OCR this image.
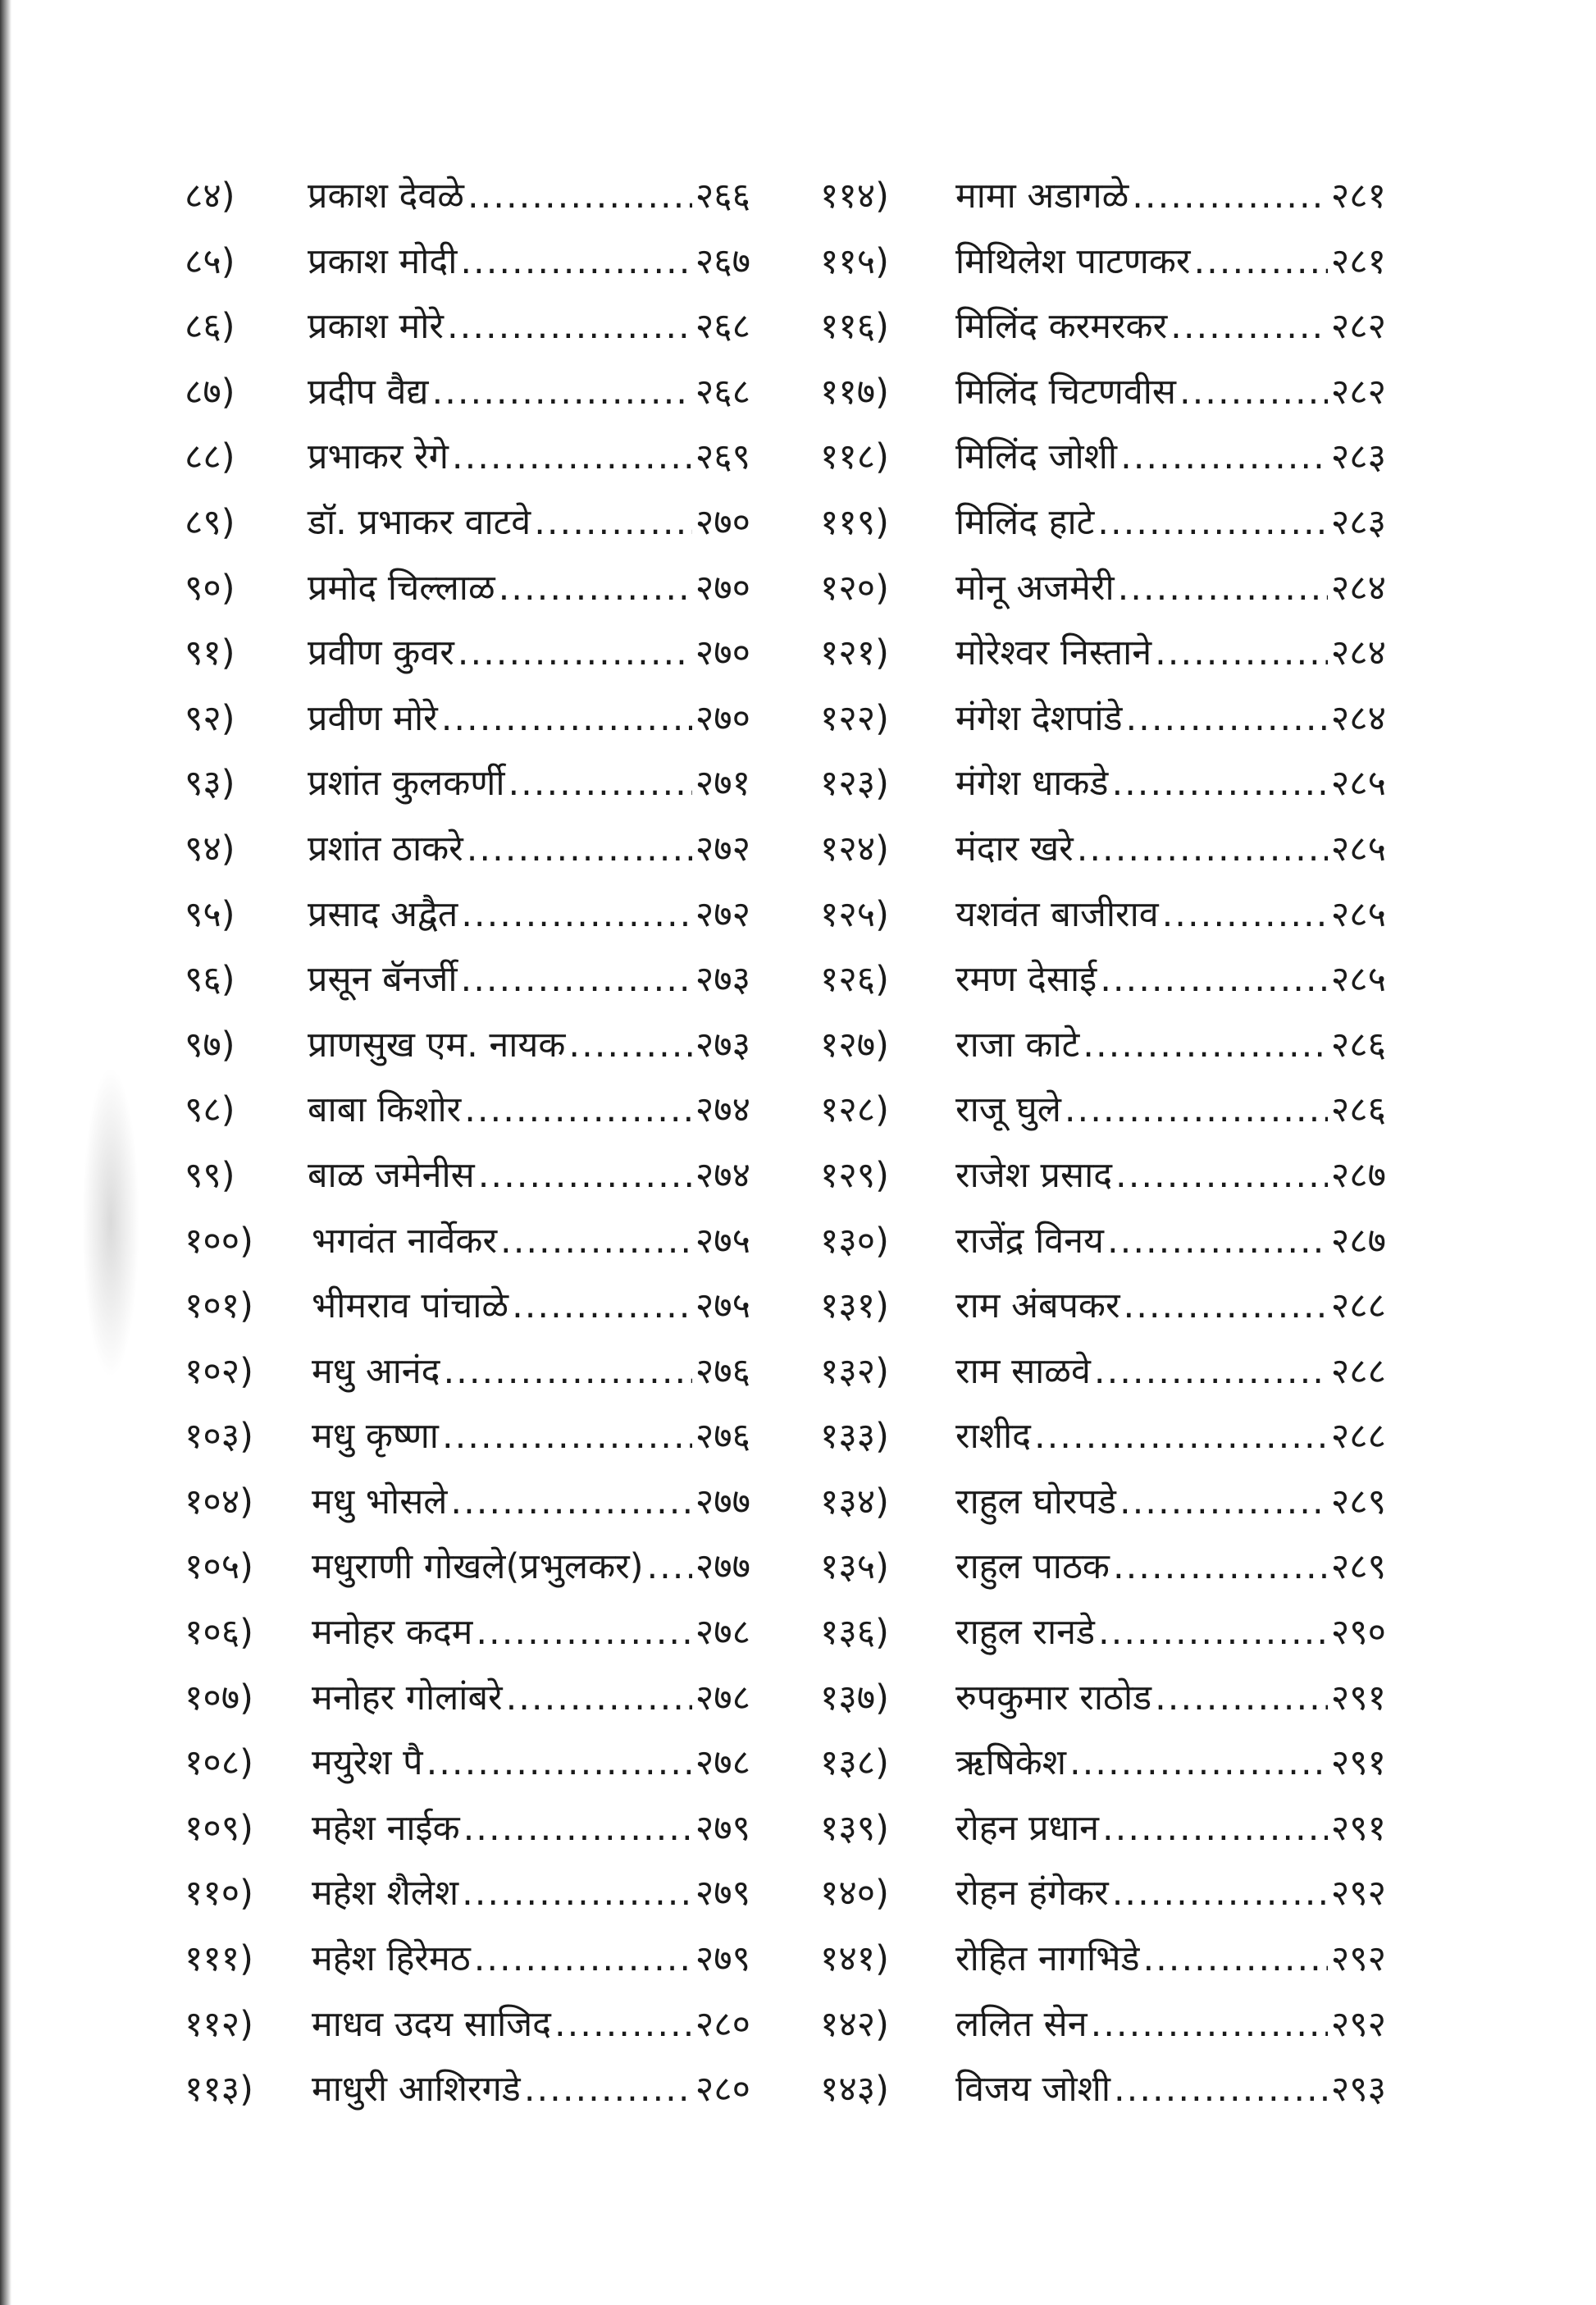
८४)	प्रकाश देवळे .....	२६६
८५)	प्रकाश मोदी .....	२६७
८६)	प्रकाश मोरे .....	२६८
८७)	प्रदीप वैद्य .....	२६८
८८)	प्रभाकर रेगे .....	२६९
८९)	डॉ. प्रभाकर वाटवे .....	२७०
९०)	प्रमोद चिल्लाळ .....	२७०
९१)	प्रवीण कुवर .....	२७०
९२)	प्रवीण मोरे .....	२७०
९३)	प्रशांत कुलकर्णी .....	२७१
९४)	प्रशांत ठाकरे .....	२७२
९५)	प्रसाद अद्वैत .....	२७२
९६)	प्रसून बॅनर्जी .....	२७३
९७)	प्राणसुख एम. नायक .....	२७३
९८)	बाबा किशोर .....	२७४
९९)	बाळ जमेनीस .....	२७४
१००)	भगवंत नार्वेकर .....	२७५
१०१)	भीमराव पांचाळे .....	२७५
१०२)	मधु आनंद .....	२७६
१०३)	मधु कृष्णा .....	२७६
१०४)	मधु भोसले .....	२७७
१०५)	मधुराणी गोखले(प्रभुलकर) ..... २७७
१०६)	मनोहर कदम .....	२७८
१०७)	मनोहर गोलांबरे .....	२७८
१०८)	मयुरेश पै .....	२७८
१०९)	महेश नाईक .....	२७९
११०)	महेश शैलेश .....	२७९
१११)	महेश हिरेमठ .....	२७९
११२)	माधव उदय साजिद .....	२८०
११३)	माधुरी आशिरगडे .....	२८०
११४)	मामा अडागळे .....	२८१
११५)	मिथिलेश पाटणकर .....	२८१
११६)	मिलिंद करमरकर .....	२८२
११७)	मिलिंद चिटणवीस .....	२८२
११८)	मिलिंद जोशी .....	२८३
११९)	मिलिंद हाटे .....	२८३
१२०)	मोनू अजमेरी .....	२८४
१२१)	मोरेश्वर निस्ताने .....	२८४
१२२)	मंगेश देशपांडे .....	२८४
१२३)	मंगेश धाकडे .....	२८५
१२४)	मंदार खरे .....	२८५
१२५)	यशवंत बाजीराव .....	२८५
१२६)	रमण देसाई .....	२८५
१२७)	राजा काटे .....	२८६
१२८)	राजू घुले .....	२८६
१२९)	राजेश प्रसाद .....	२८७
१३०)	राजेंद्र विनय .....	२८७
१३१)	राम अंबपकर .....	२८८
१३२)	राम साळवे .....	२८८
१३३)	राशीद .....	२८८
१३४)	राहुल घोरपडे .....	२८९
१३५)	राहुल पाठक .....	२८९
१३६)	राहुल रानडे .....	२९०
१३७)	रुपकुमार राठोड .....	२९१
१३८)	ऋषिकेश .....	२९१
१३९)	रोहन प्रधान .....	२९१
१४०)	रोहन हंगेकर .....	२९२
१४१)	रोहित नागभिडे .....	२९२
१४२)	ललित सेन .....	२९२
१४३)	विजय जोशी .....	२९३
